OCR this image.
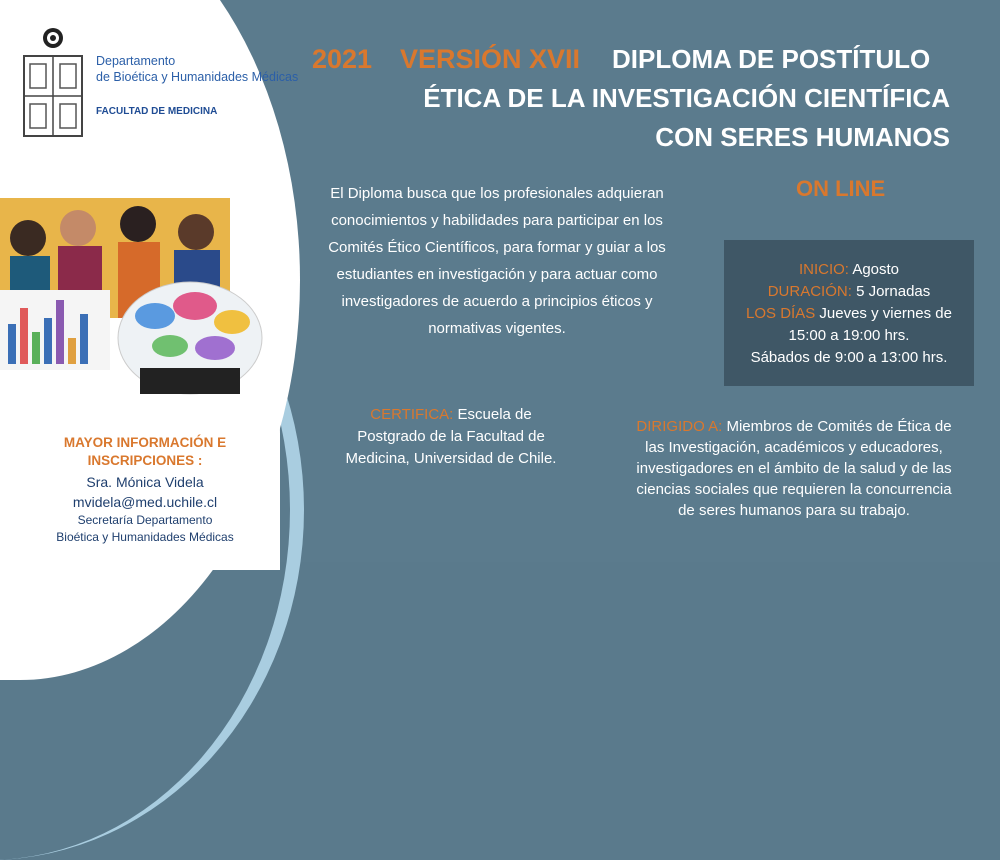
Departamento
de Bioética y Humanidades Médicas
FACULTAD DE MEDICINA
2021 VERSIÓN XVII DIPLOMA DE POSTÍTULO
ÉTICA DE LA INVESTIGACIÓN CIENTÍFICA
CON SERES HUMANOS
ON LINE
El Diploma busca que los profesionales adquieran
conocimientos y habilidades para participar en los
Comités Ético Científicos, para formar y guiar a los
estudiantes en investigación y para actuar como
investigadores de acuerdo a principios éticos y
normativas vigentes.
INICIO: Agosto
DURACIÓN: 5 Jornadas
LOS DÍAS Jueves y viernes de
15:00 a 19:00 hrs.
Sábados de 9:00 a 13:00 hrs.
CERTIFICA: Escuela de
Postgrado de la Facultad de
Medicina, Universidad de Chile.
DIRIGIDO A: Miembros de Comités de Ética de
las Investigación, académicos y educadores,
investigadores en el ámbito de la salud y de las
ciencias sociales que requieren la concurrencia
de seres humanos para su trabajo.
MAYOR INFORMACIÓN E
INSCRIPCIONES :
Sra. Mónica Videla
mvidela@med.uchile.cl
Secretaría Departamento
Bioética y Humanidades Médicas
